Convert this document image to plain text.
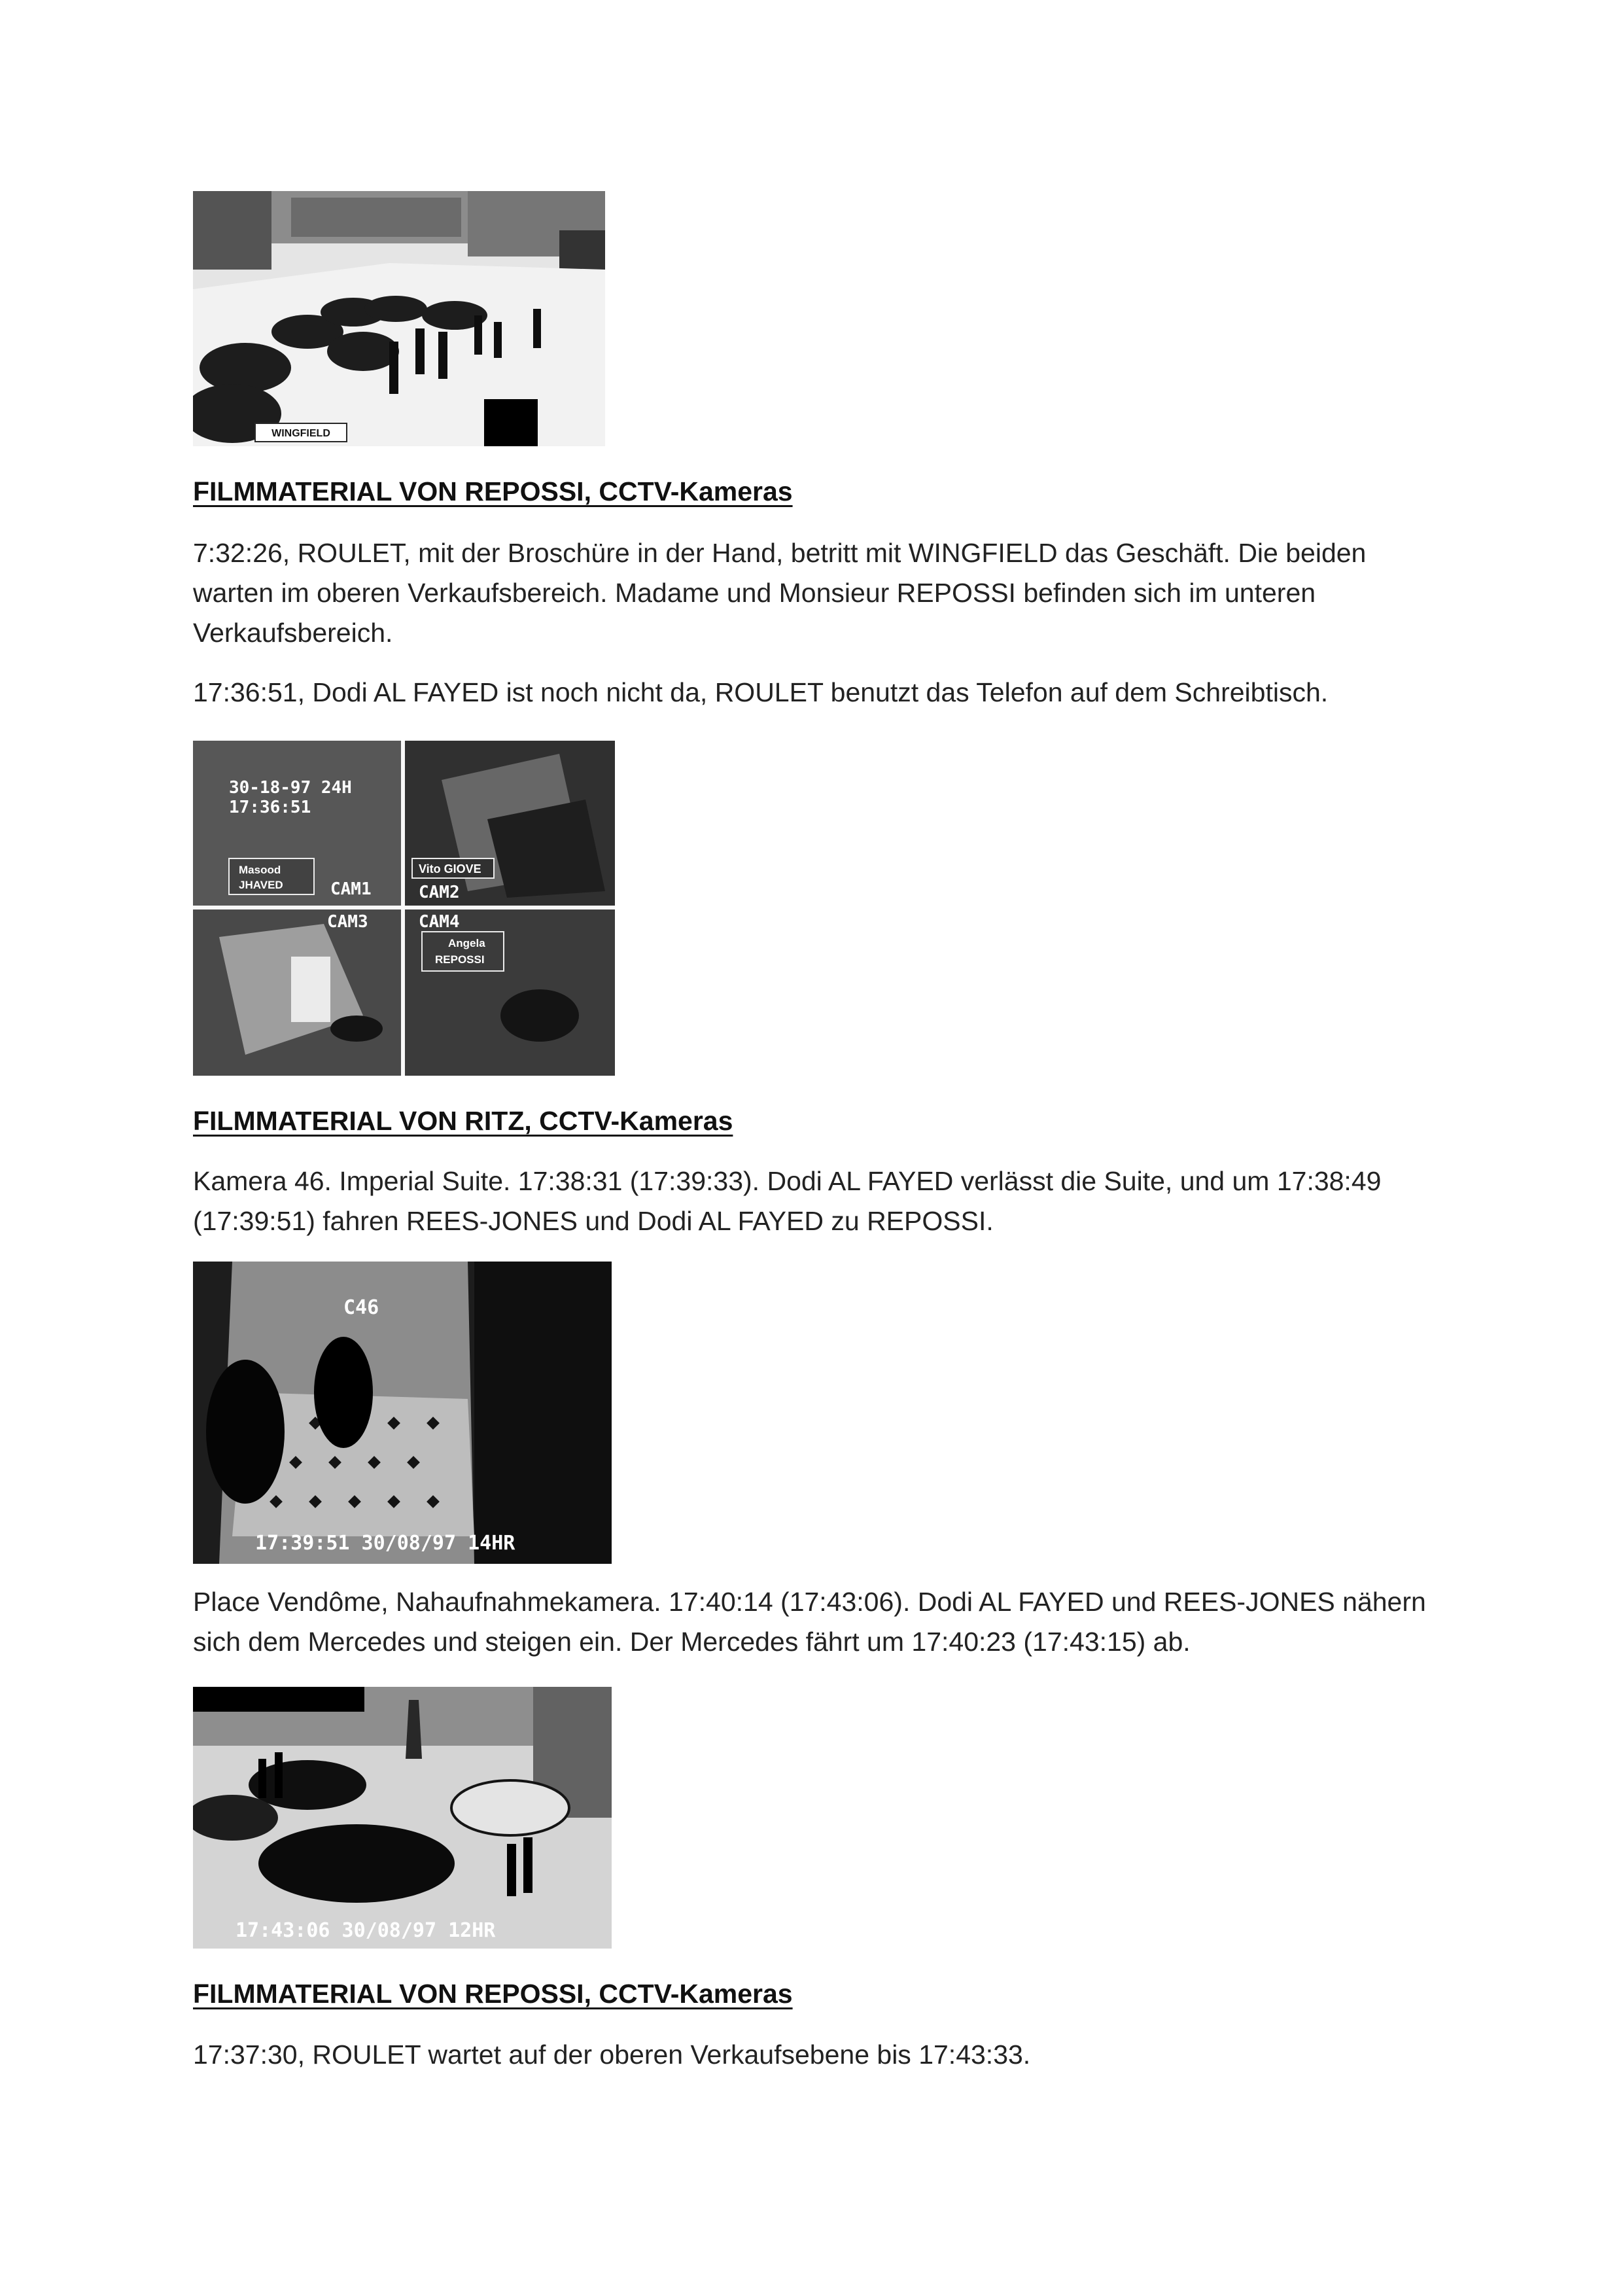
WINGFIELD
FILMMATERIAL VON REPOSSI, CCTV-Kameras
7:32:26, ROULET, mit der Broschüre in der Hand, betritt mit WINGFIELD das Geschäft. Die beiden warten im oberen Verkaufsbereich. Madame und Monsieur REPOSSI befinden sich im unteren Verkaufsbereich.
17:36:51, Dodi AL FAYED ist noch nicht da, ROULET benutzt das Telefon auf dem Schreibtisch.
30-18-97 24H
17:36:51
Masood
JHAVED	CAM1
CAM3
Vito GIOVE
CAM2
CAM4
Angela
REPOSSI
FILMMATERIAL VON RITZ, CCTV-Kameras
Kamera 46. Imperial Suite. 17:38:31 (17:39:33). Dodi AL FAYED verlässt die Suite, und um 17:38:49 (17:39:51) fahren REES-JONES und Dodi AL FAYED zu REPOSSI.
C46
17:39:51 30/08/97 14HR
Place Vendôme, Nahaufnahmekamera. 17:40:14 (17:43:06). Dodi AL FAYED und REES-JONES nähern sich dem Mercedes und steigen ein. Der Mercedes fährt um 17:40:23 (17:43:15) ab.
17:43:06 30/08/97 12HR
FILMMATERIAL VON REPOSSI, CCTV-Kameras
17:37:30, ROULET wartet auf der oberen Verkaufsebene bis 17:43:33.
